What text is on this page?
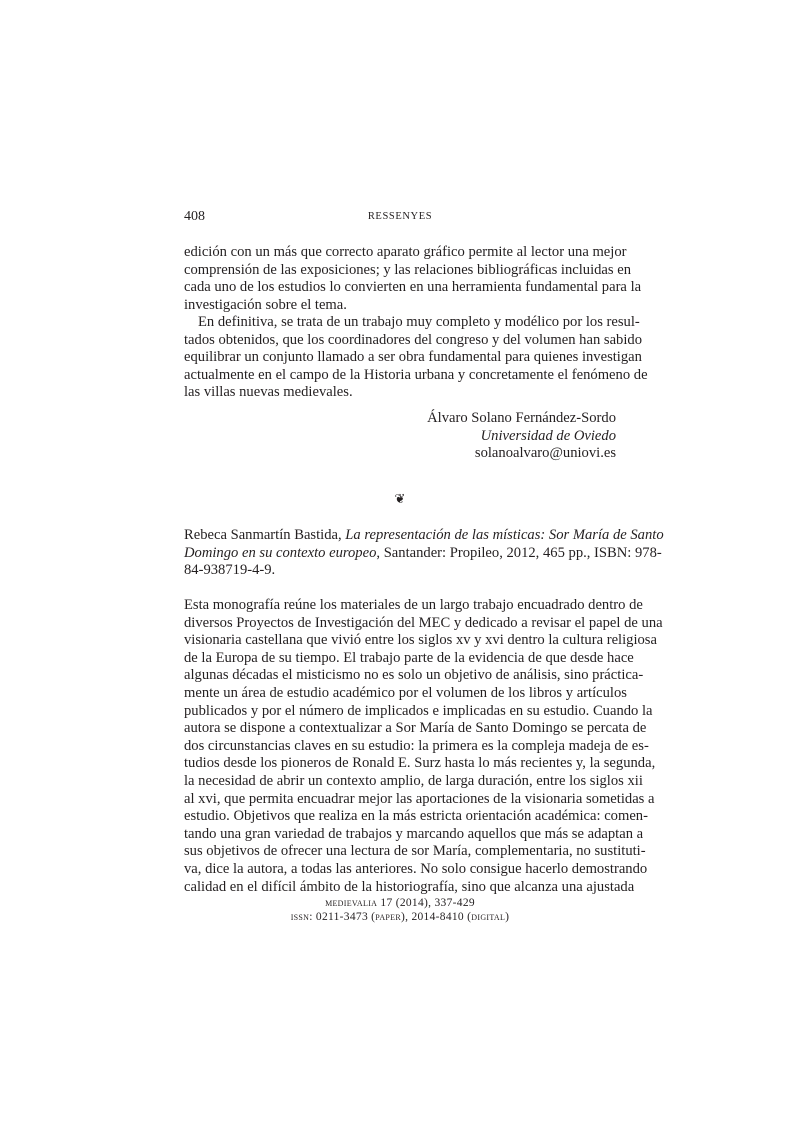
408	RESSENYES
edición con un más que correcto aparato gráfico permite al lector una mejor
comprensión de las exposiciones; y las relaciones bibliográficas incluidas en
cada uno de los estudios lo convierten en una herramienta fundamental para la
investigación sobre el tema.
En definitiva, se trata de un trabajo muy completo y modélico por los resul-
tados obtenidos, que los coordinadores del congreso y del volumen han sabido
equilibrar un conjunto llamado a ser obra fundamental para quienes investigan
actualmente en el campo de la Historia urbana y concretamente el fenómeno de
las villas nuevas medievales.
Álvaro Solano Fernández-Sordo
Universidad de Oviedo
solanoalvaro@uniovi.es
❦
Rebeca Sanmartín Bastida, La representación de las místicas: Sor María de Santo
Domingo en su contexto europeo, Santander: Propileo, 2012, 465 pp., ISBN: 978-
84-938719-4-9.
Esta monografía reúne los materiales de un largo trabajo encuadrado dentro de
diversos Proyectos de Investigación del MEC y dedicado a revisar el papel de una
visionaria castellana que vivió entre los siglos xv y xvi dentro la cultura religiosa
de la Europa de su tiempo. El trabajo parte de la evidencia de que desde hace
algunas décadas el misticismo no es solo un objetivo de análisis, sino práctica-
mente un área de estudio académico por el volumen de los libros y artículos
publicados y por el número de implicados e implicadas en su estudio. Cuando la
autora se dispone a contextualizar a Sor María de Santo Domingo se percata de
dos circunstancias claves en su estudio: la primera es la compleja madeja de es-
tudios desde los pioneros de Ronald E. Surz hasta lo más recientes y, la segunda,
la necesidad de abrir un contexto amplio, de larga duración, entre los siglos xii
al xvi, que permita encuadrar mejor las aportaciones de la visionaria sometidas a
estudio. Objetivos que realiza en la más estricta orientación académica: comen-
tando una gran variedad de trabajos y marcando aquellos que más se adaptan a
sus objetivos de ofrecer una lectura de sor María, complementaria, no sustituti-
va, dice la autora, a todas las anteriores. No solo consigue hacerlo demostrando
calidad en el difícil ámbito de la historiografía, sino que alcanza una ajustada
medievalia 17 (2014), 337-429
issn: 0211-3473 (paper), 2014-8410 (digital)
